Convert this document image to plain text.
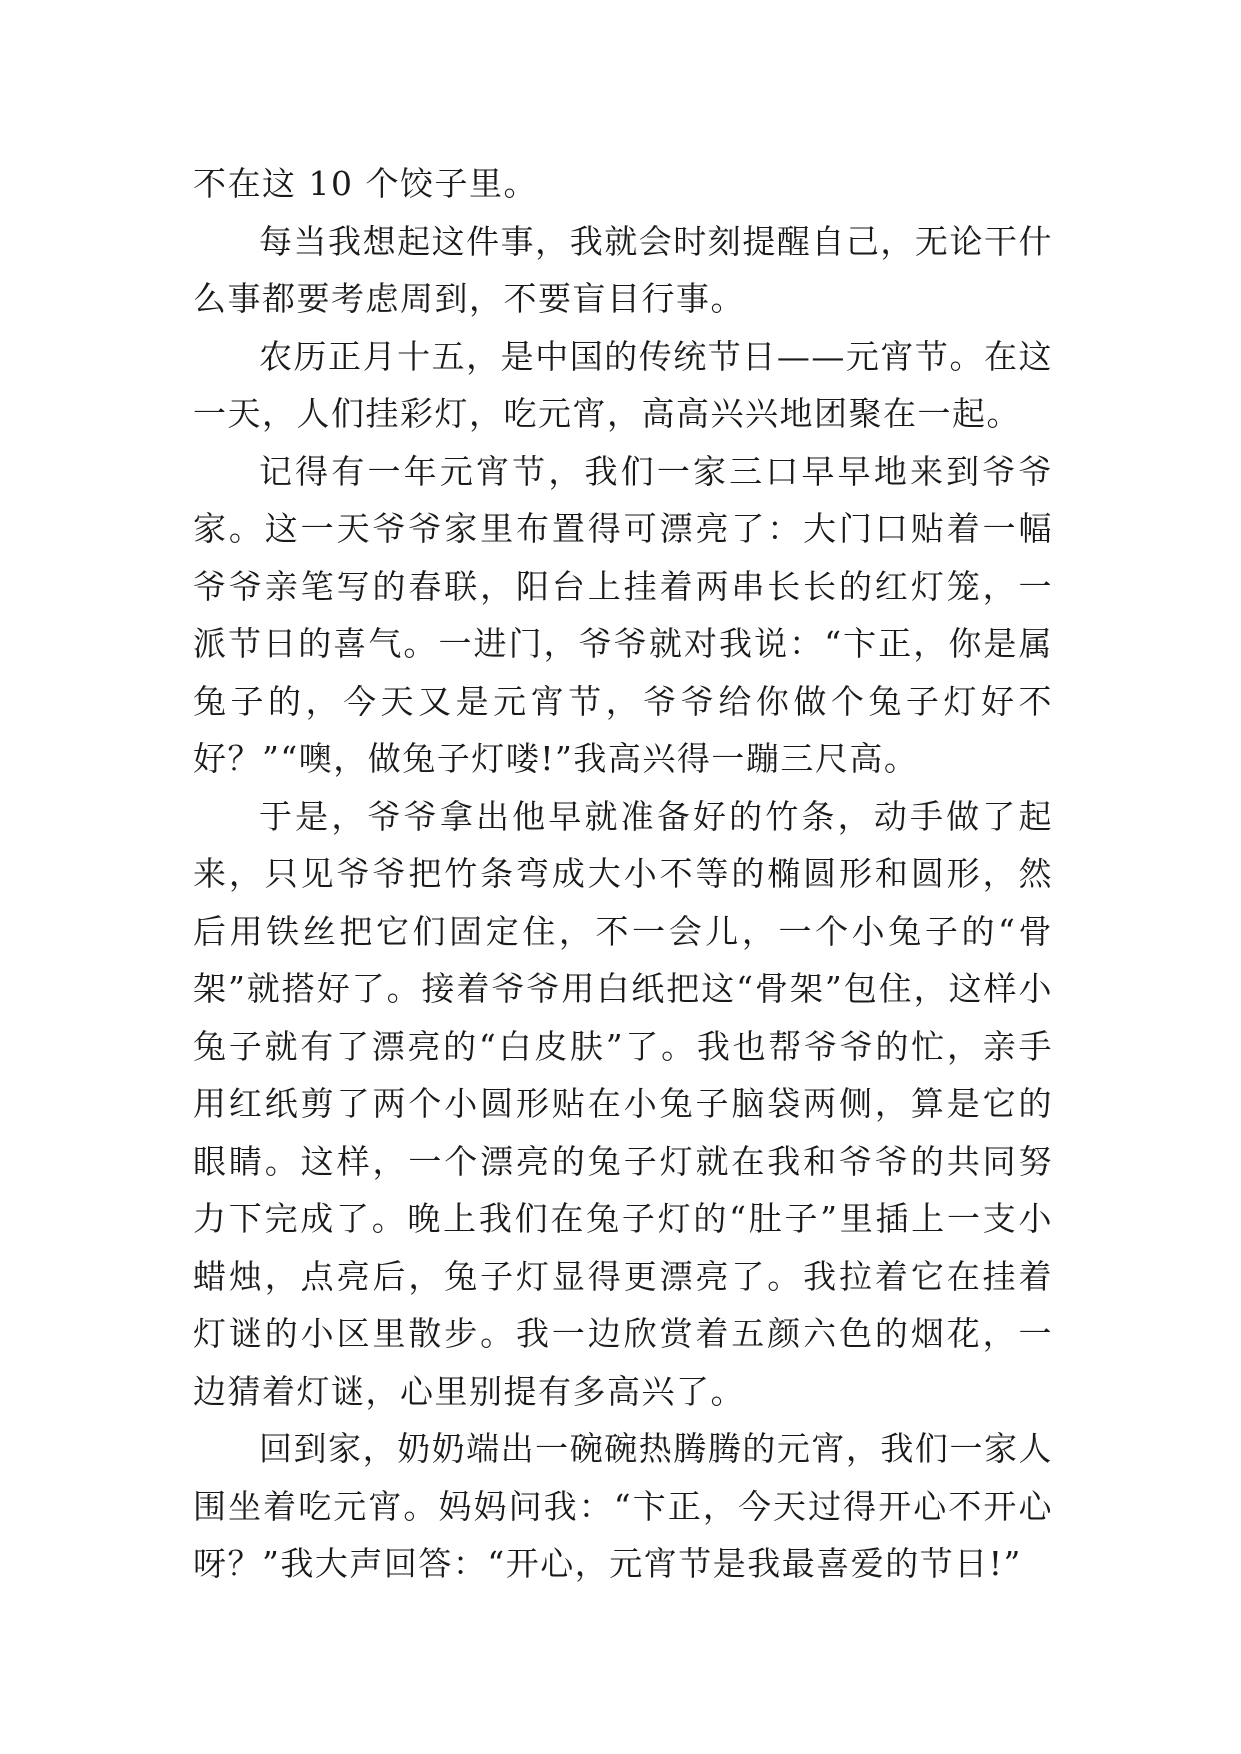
不在这 10 个饺子里。

每当我想起这件事，我就会时刻提醒自己，无论干什么事都要考虑周到，不要盲目行事。

农历正月十五，是中国的传统节日——元宵节。在这一天，人们挂彩灯，吃元宵，高高兴兴地团聚在一起。

记得有一年元宵节，我们一家三口早早地来到爷爷家。这一天爷爷家里布置得可漂亮了：大门口贴着一幅爷爷亲笔写的春联，阳台上挂着两串长长的红灯笼，一派节日的喜气。一进门，爷爷就对我说：“卞正，你是属兔子的，今天又是元宵节，爷爷给你做个兔子灯好不好？”“噢，做兔子灯喽!”我高兴得一蹦三尺高。

于是，爷爷拿出他早就准备好的竹条，动手做了起来，只见爷爷把竹条弯成大小不等的椭圆形和圆形，然后用铁丝把它们固定住，不一会儿，一个小兔子的“骨架”就搭好了。接着爷爷用白纸把这“骨架”包住，这样小兔子就有了漂亮的“白皮肤”了。我也帮爷爷的忙，亲手用红纸剪了两个小圆形贴在小兔子脑袋两侧，算是它的眼睛。这样，一个漂亮的兔子灯就在我和爷爷的共同努力下完成了。晚上我们在兔子灯的“肚子”里插上一支小蜡烛，点亮后，兔子灯显得更漂亮了。我拉着它在挂着灯谜的小区里散步。我一边欣赏着五颜六色的烟花，一边猜着灯谜，心里别提有多高兴了。

回到家，奶奶端出一碗碗热腾腾的元宵，我们一家人围坐着吃元宵。妈妈问我：“卞正，今天过得开心不开心呀？”我大声回答：“开心，元宵节是我最喜爱的节日!”
